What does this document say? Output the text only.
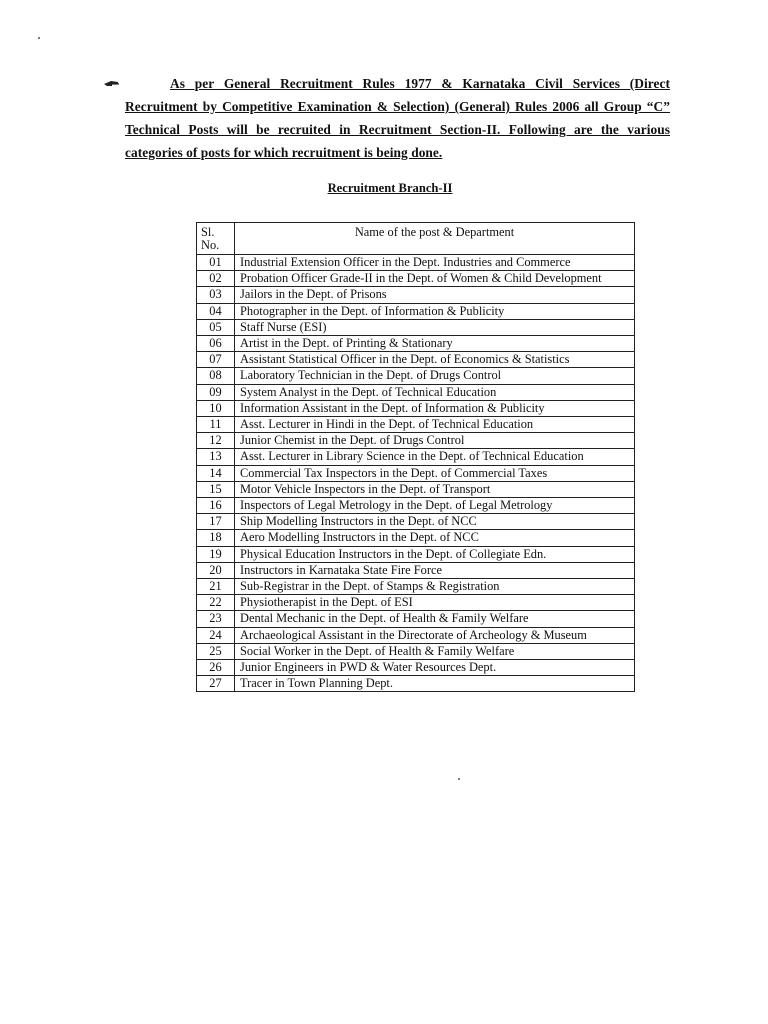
As per General Recruitment Rules 1977 & Karnataka Civil Services (Direct Recruitment by Competitive Examination & Selection) (General) Rules 2006 all Group “C” Technical Posts will be recruited in Recruitment Section-II. Following are the various categories of posts for which recruitment is being done.
Recruitment Branch-II
Sl. No.	Name of the post & Department
01	Industrial Extension Officer in the Dept. Industries and Commerce
02	Probation Officer Grade-II in the Dept. of Women & Child Development
03	Jailors in the Dept. of Prisons
04	Photographer in the Dept. of Information & Publicity
05	Staff Nurse (ESI)
06	Artist in the Dept. of Printing & Stationary
07	Assistant Statistical Officer in the Dept. of Economics & Statistics
08	Laboratory Technician in the Dept. of Drugs Control
09	System Analyst in the Dept. of Technical Education
10	Information Assistant in the Dept. of Information & Publicity
11	Asst. Lecturer in Hindi in the Dept. of Technical Education
12	Junior Chemist in the Dept. of Drugs Control
13	Asst. Lecturer in Library Science in the Dept. of Technical Education
14	Commercial Tax Inspectors in the Dept. of Commercial Taxes
15	Motor Vehicle Inspectors in the Dept. of Transport
16	Inspectors of Legal Metrology in the Dept. of Legal Metrology
17	Ship Modelling Instructors in the Dept. of NCC
18	Aero Modelling Instructors in the Dept. of NCC
19	Physical Education Instructors in the Dept. of Collegiate Edn.
20	Instructors in Karnataka State Fire Force
21	Sub-Registrar in the Dept. of Stamps & Registration
22	Physiotherapist in the Dept. of ESI
23	Dental Mechanic in the Dept. of Health & Family Welfare
24	Archaeological Assistant in the Directorate of Archeology & Museum
25	Social Worker in the Dept. of Health & Family Welfare
26	Junior Engineers in PWD & Water Resources Dept.
27	Tracer in Town Planning Dept.
